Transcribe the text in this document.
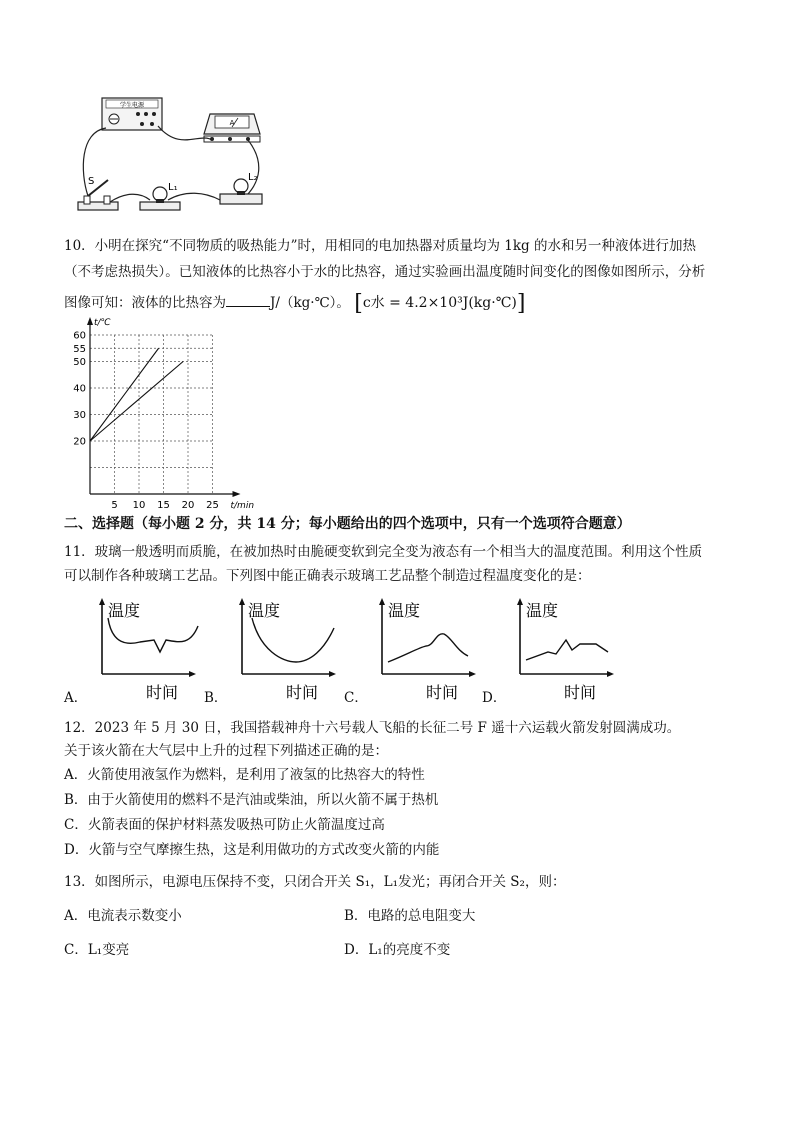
学生电源
A
S
L₁
L₂
10．小明在探究“不同物质的吸热能力”时，用相同的电加热器对质量均为 1kg 的水和另一种液体进行加热
（不考虑热损失）。已知液体的比热容小于水的比热容，通过实验画出温度随时间变化的图像如图所示，分析
图像可知：液体的比热容为	J/（kg·℃）。 [c水 = 4.2×10³J(kg·℃)]
5 10 15 20 25
20
30
40
50
55
60
t/min
t/℃
二、选择题（每小题 2 分，共 14 分；每小题给出的四个选项中，只有一个选项符合题意）
11．玻璃一般透明而质脆，在被加热时由脆硬变软到完全变为液态有一个相当大的温度范围。利用这个性质
可以制作各种玻璃工艺品。下列图中能正确表示玻璃工艺品整个制造过程温度变化的是：
温度
时间
A．
温度
时间
B．
温度
时间
C．
温度
时间
D．
12．2023 年 5 月 30 日，我国搭载神舟十六号载人飞船的长征二号 F 遥十六运载火箭发射圆满成功。
关于该火箭在大气层中上升的过程下列描述正确的是：
A．火箭使用液氢作为燃料，是利用了液氢的比热容大的特性
B．由于火箭使用的燃料不是汽油或柴油，所以火箭不属于热机
C．火箭表面的保护材料蒸发吸热可防止火箭温度过高
D．火箭与空气摩擦生热，这是利用做功的方式改变火箭的内能
13．如图所示，电源电压保持不变，只闭合开关 S₁，L₁发光；再闭合开关 S₂，则：
A．电流表示数变小	B．电路的总电阻变大
C．L₁变亮	D．L₁的亮度不变
